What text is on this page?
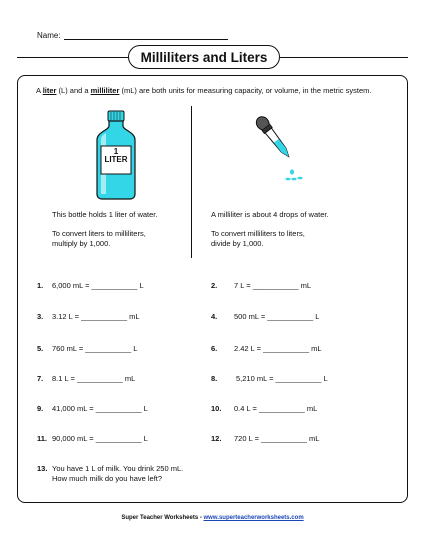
Name:
Milliliters and Liters
A liter (L) and a milliliter (mL) are both units for measuring capacity, or volume, in the metric system.
1
LITER
This bottle holds 1 liter of water.
To convert liters to milliliters,
multiply by 1,000.
A milliliter is about 4 drops of water.
To convert milliliters to liters,
divide by 1,000.
1. 6,000 mL = ___________ L	2. 7 L = ___________ mL
3. 3.12 L = ___________ mL	4. 500 mL = ___________ L
5. 760 mL = ___________ L	6. 2.42 L = ___________ mL
7. 8.1 L = ___________ mL	8. 5,210 mL = ___________ L
9. 41,000 mL = ___________ L	10. 0.4 L = ___________ mL
11. 90,000 mL = ___________ L	12. 720 L = ___________ mL
13. You have 1 L of milk. You drink 250 mL.
How much milk do you have left?
Super Teacher Worksheets - www.superteacherworksheets.com
